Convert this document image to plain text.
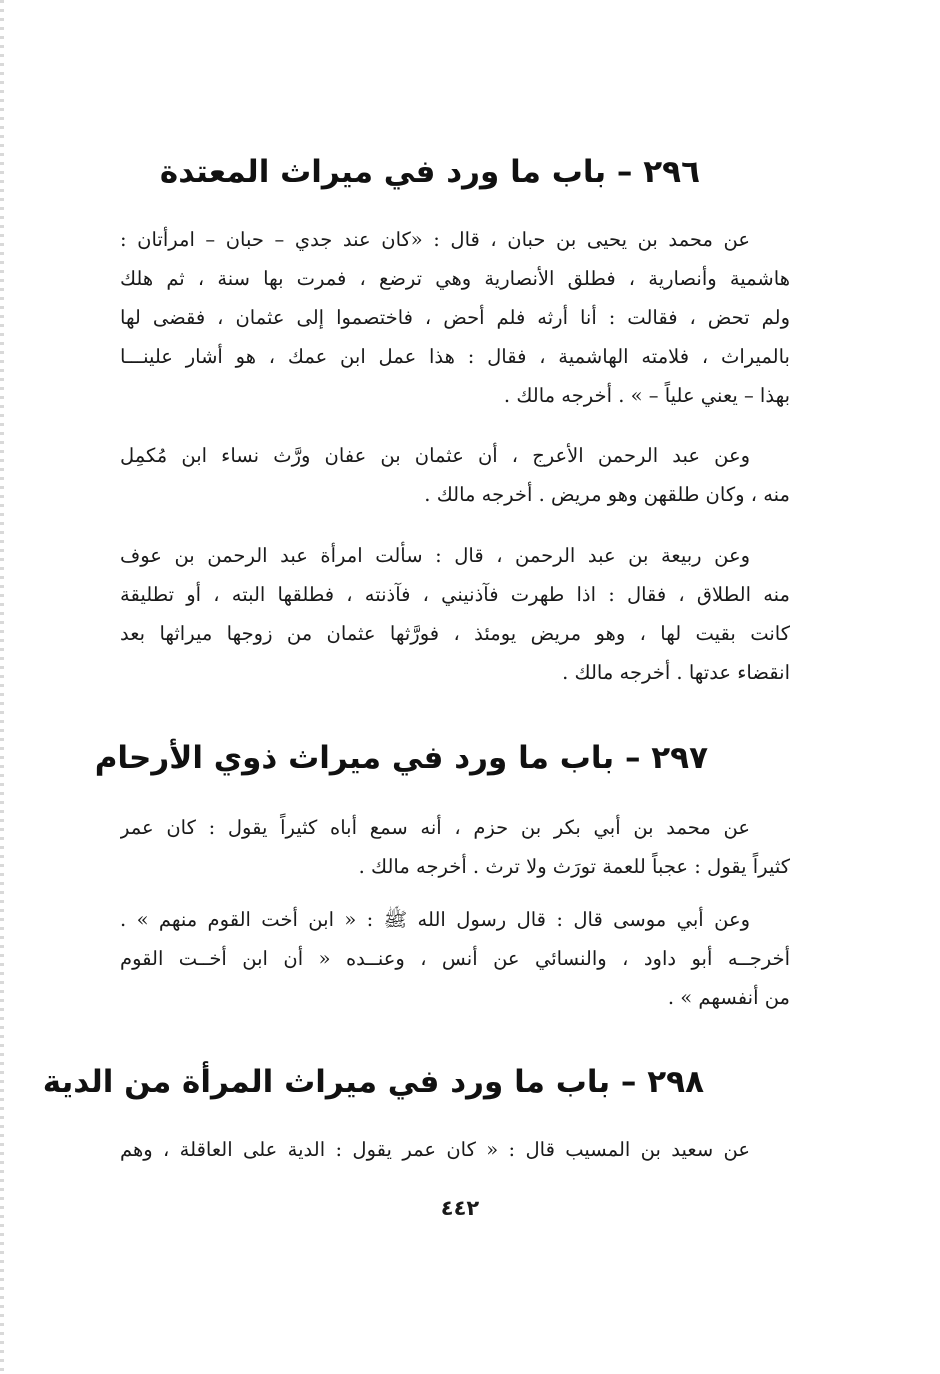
٢٩٦ – باب ما ورد في ميراث المعتدة
عن محمد بن يحيى بن حبان ، قال : «كان عند جدي – حبان – امرأتان :
هاشمية وأنصارية ، فطلق الأنصارية وهي ترضع ، فمرت بها سنة ، ثم هلك
ولم تحض ، فقالت : أنا أرثه فلم أحض ، فاختصموا إلى عثمان ، فقضى لها
بالميراث ، فلامته الهاشمية ، فقال : هذا عمل ابن عمك ، هو أشار علينـــا
بهذا – يعني علياً – » . أخرجه مالك .
وعن عبد الرحمن الأعرج ، أن عثمان بن عفان ورَّث نساء ابن مُكمِل
منه ، وكان طلقهن وهو مريض . أخرجه مالك .
وعن ربيعة بن عبد الرحمن ، قال : سألت امرأة عبد الرحمن بن عوف
منه الطلاق ، فقال : اذا طهرت فآذنيني ، فآذنته ، فطلقها البته ، أو تطليقة
كانت بقيت لها ، وهو مريض يومئذ ، فورَّثها عثمان من زوجها ميراثها بعد
انقضاء عدتها . أخرجه مالك .
٢٩٧ – باب ما ورد في ميراث ذوي الأرحام
عن محمد بن أبي بكر بن حزم ، أنه سمع أباه كثيراً يقول : كان عمر
كثيراً يقول : عجباً للعمة تورَث ولا ترث . أخرجه مالك .
وعن أبي موسى قال : قال رسول الله ﷺ : « ابن أخت القوم منهم » .
أخرجــه أبو داود ، والنسائي عن أنس ، وعنــده « أن ابن أخــت القوم
من أنفسهم » .
٢٩٨ – باب ما ورد في ميراث المرأة من الدية
عن سعيد بن المسيب قال : « كان عمر يقول : الدية على العاقلة ، وهم
٤٤٢
